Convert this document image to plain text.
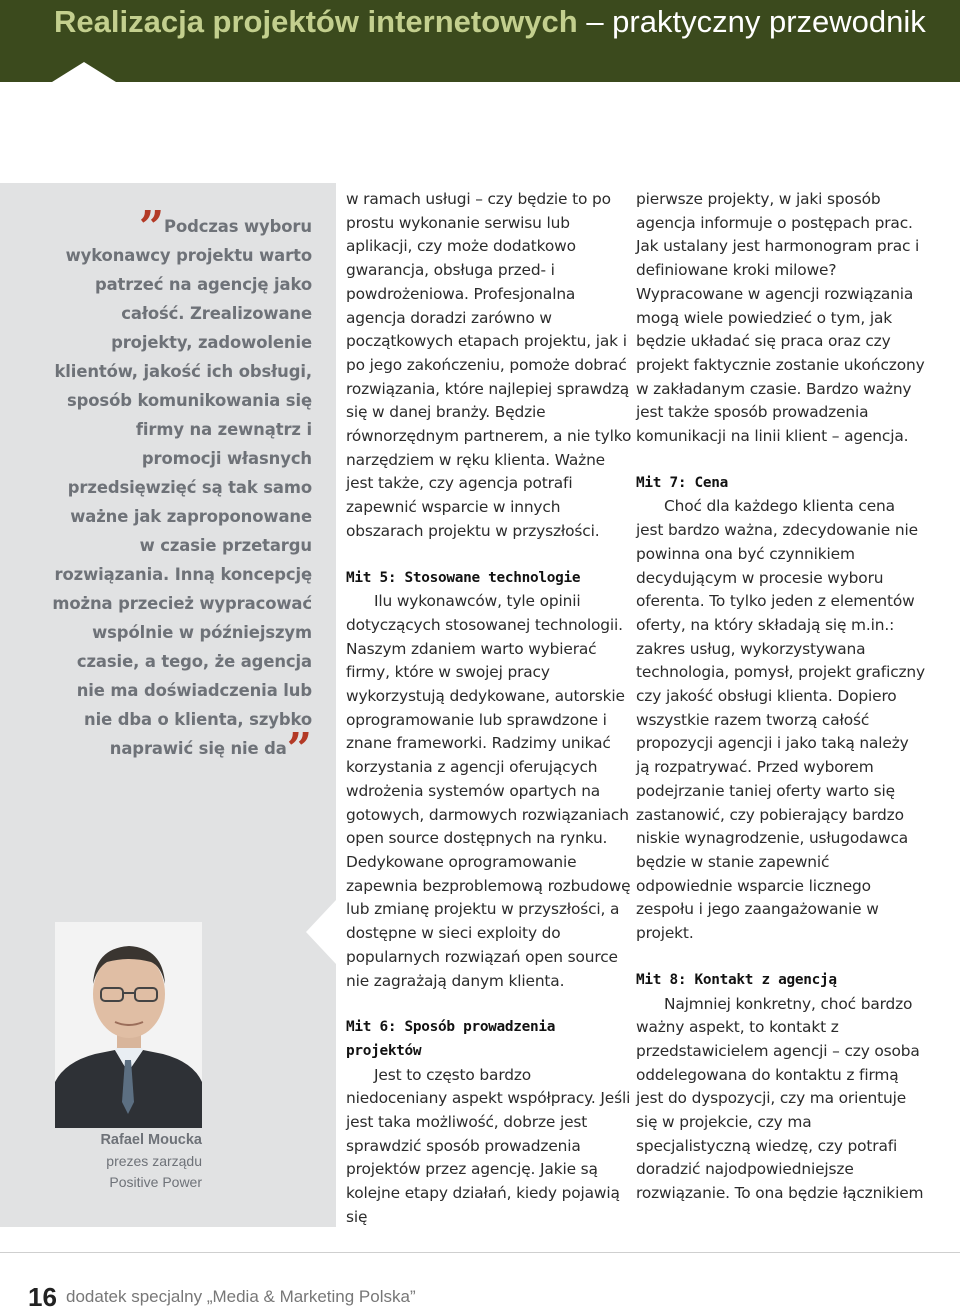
Realizacja projektów internetowych – praktyczny przewodnik
”Podczas wyboru wykonawcy projektu warto patrzeć na agencję jako całość. Zrealizowane projekty, zadowolenie klientów, jakość ich obsługi, sposób komunikowania się firmy na zewnątrz i promocji własnych przedsięwzięć są tak samo ważne jak zaproponowane w czasie przetargu rozwiązania. Inną koncepcję można przecież wypracować wspólnie w późniejszym czasie, a tego, że agencja nie ma doświadczenia lub nie dba o klienta, szybko naprawić się nie da”
Rafael Moucka
prezes zarządu
Positive Power

w ramach usługi – czy będzie to po prostu wykonanie serwisu lub aplikacji, czy może dodatkowo gwarancja, obsługa przed- i powdrożeniowa. Profesjonalna agencja doradzi zarówno w początkowych etapach projektu, jak i po jego zakończeniu, pomoże dobrać rozwiązania, które najlepiej sprawdzą się w danej branży. Będzie równorzędnym partnerem, a nie tylko narzędziem w ręku klienta. Ważne jest także, czy agencja potrafi zapewnić wsparcie w innych obszarach projektu w przyszłości.

Mit 5: Stosowane technologie

Ilu wykonawców, tyle opinii dotyczących stosowanej technologii. Naszym zdaniem warto wybierać firmy, które w swojej pracy wykorzystują dedykowane, autorskie oprogramowanie lub sprawdzone i znane frameworki. Radzimy unikać korzystania z agencji oferujących wdrożenia systemów opartych na gotowych, darmowych rozwiązaniach open source dostępnych na rynku. Dedykowane oprogramowanie zapewnia bezproblemową rozbudowę lub zmianę projektu w przyszłości, a dostępne w sieci exploity do popularnych rozwiązań open source nie zagrażają danym klienta.

Mit 6: Sposób prowadzenia projektów

Jest to często bardzo niedoceniany aspekt współpracy. Jeśli jest taka możliwość, dobrze jest sprawdzić sposób prowadzenia projektów przez agencję. Jakie są kolejne etapy działań, kiedy pojawią się

pierwsze projekty, w jaki sposób agencja informuje o postępach prac. Jak ustalany jest harmonogram prac i definiowane kroki milowe? Wypracowane w agencji rozwiązania mogą wiele powiedzieć o tym, jak będzie układać się praca oraz czy projekt faktycznie zostanie ukończony w zakładanym czasie. Bardzo ważny jest także sposób prowadzenia komunikacji na linii klient – agencja.

Mit 7: Cena

Choć dla każdego klienta cena jest bardzo ważna, zdecydowanie nie powinna ona być czynnikiem decydującym w procesie wyboru oferenta. To tylko jeden z elementów oferty, na który składają się m.in.: zakres usług, wykorzystywana technologia, pomysł, projekt graficzny czy jakość obsługi klienta. Dopiero wszystkie razem tworzą całość propozycji agencji i jako taką należy ją rozpatrywać. Przed wyborem podejrzanie taniej oferty warto się zastanowić, czy pobierający bardzo niskie wynagrodzenie, usługodawca będzie w stanie zapewnić odpowiednie wsparcie licznego zespołu i jego zaangażowanie w projekt.

Mit 8: Kontakt z agencją

Najmniej konkretny, choć bardzo ważny aspekt, to kontakt z przedstawicielem agencji – czy osoba oddelegowana do kontaktu z firmą jest do dyspozycji, czy ma orientuje się w projekcie, czy ma specjalistyczną wiedzę, czy potrafi doradzić najodpowiedniejsze rozwiązanie. To ona będzie łącznikiem

16 dodatek specjalny „Media & Marketing Polska”
